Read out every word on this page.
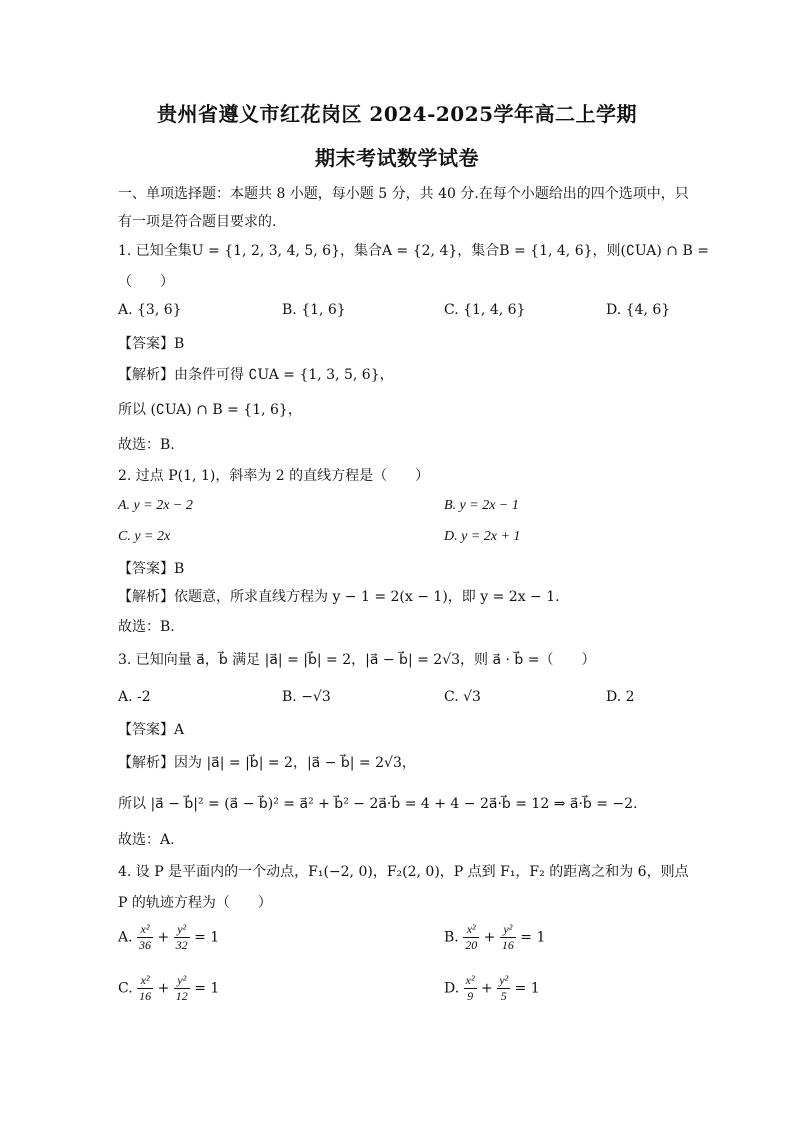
贵州省遵义市红花岗区 2024-2025学年高二上学期
期末考试数学试卷
一、单项选择题：本题共 8 小题，每小题 5 分，共 40 分.在每个小题给出的四个选项中，只
有一项是符合题目要求的.
1. 已知全集U = {1, 2, 3, 4, 5, 6}，集合A = {2, 4}，集合B = {1, 4, 6}，则(∁UA) ∩ B =
（　　）
A. {3, 6}	B. {1, 6}	C. {1, 4, 6}	D. {4, 6}
【答案】B
【解析】由条件可得 ∁UA = {1, 3, 5, 6}，
所以 (∁UA) ∩ B = {1, 6}，
故选：B.
2. 过点 P(1, 1)，斜率为 2 的直线方程是（　　）
A. y = 2x − 2	B. y = 2x − 1
C. y = 2x	D. y = 2x + 1
【答案】B
【解析】依题意，所求直线方程为 y − 1 = 2(x − 1)，即 y = 2x − 1.
故选：B.
3. 已知向量 a⃗，b⃗ 满足 |a⃗| = |b⃗| = 2，|a⃗ − b⃗| = 2√3，则 a⃗ · b⃗ =（　　）
A. -2	B. −√3	C. √3	D. 2
【答案】A
【解析】因为 |a⃗| = |b⃗| = 2，|a⃗ − b⃗| = 2√3，
所以 |a⃗ − b⃗|² = (a⃗ − b⃗)² = a⃗² + b⃗² − 2a⃗·b⃗ = 4 + 4 − 2a⃗·b⃗ = 12 ⇒ a⃗·b⃗ = −2.
故选：A.
4. 设 P 是平面内的一个动点，F₁(−2, 0)，F₂(2, 0)，P 点到 F₁，F₂ 的距离之和为 6，则点
P 的轨迹方程为（　　）
A. $\frac{\text{x²}}{36} + \frac{\text{y²}}{32} = 1$	B. $\frac{\text{x²}}{20} + \frac{\text{y²}}{16} = 1$
C. $\frac{\text{x²}}{16} + \frac{\text{y²}}{12} = 1$	D. $\frac{\text{x²}}{9} + \frac{\text{y²}}{5} = 1$
